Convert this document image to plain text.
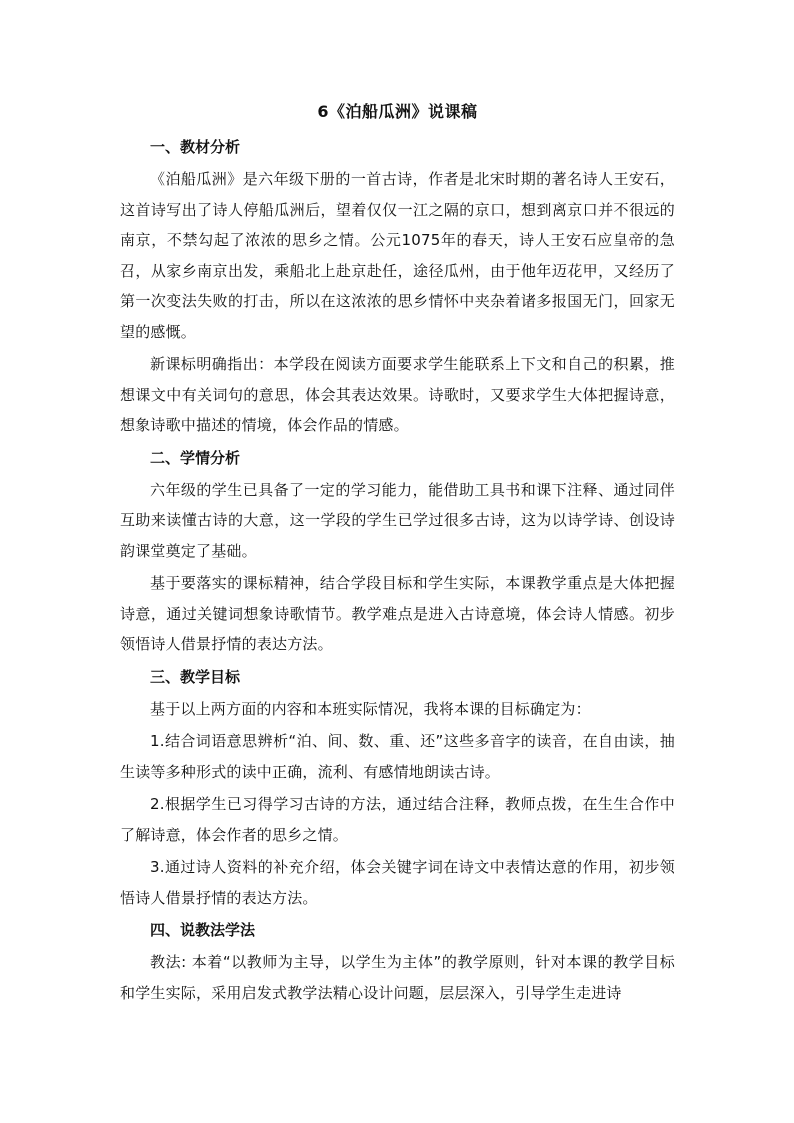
6《泊船瓜洲》说课稿
一、教材分析

《泊船瓜洲》是六年级下册的一首古诗，作者是北宋时期的著名诗人王安石，这首诗写出了诗人停船瓜洲后，望着仅仅一江之隔的京口，想到离京口并不很远的南京，不禁勾起了浓浓的思乡之情。公元1075年的春天，诗人王安石应皇帝的急召，从家乡南京出发，乘船北上赴京赴任，途径瓜州，由于他年迈花甲，又经历了第一次变法失败的打击，所以在这浓浓的思乡情怀中夹杂着诸多报国无门，回家无望的感慨。

新课标明确指出：本学段在阅读方面要求学生能联系上下文和自己的积累，推想课文中有关词句的意思，体会其表达效果。诗歌时，又要求学生大体把握诗意，想象诗歌中描述的情境，体会作品的情感。

二、学情分析

六年级的学生已具备了一定的学习能力，能借助工具书和课下注释、通过同伴互助来读懂古诗的大意，这一学段的学生已学过很多古诗，这为以诗学诗、创设诗韵课堂奠定了基础。

基于要落实的课标精神，结合学段目标和学生实际，本课教学重点是大体把握诗意，通过关键词想象诗歌情节。教学难点是进入古诗意境，体会诗人情感。初步领悟诗人借景抒情的表达方法。

三、教学目标

基于以上两方面的内容和本班实际情况，我将本课的目标确定为：

1.结合词语意思辨析“泊、间、数、重、还”这些多音字的读音，在自由读，抽生读等多种形式的读中正确，流利、有感情地朗读古诗。

2.根据学生已习得学习古诗的方法，通过结合注释，教师点拨，在生生合作中了解诗意，体会作者的思乡之情。

3.通过诗人资料的补充介绍，体会关键字词在诗文中表情达意的作用，初步领悟诗人借景抒情的表达方法。

四、说教法学法

教法: 本着“以教师为主导，以学生为主体”的教学原则，针对本课的教学目标和学生实际，采用启发式教学法精心设计问题，层层深入，引导学生走进诗
